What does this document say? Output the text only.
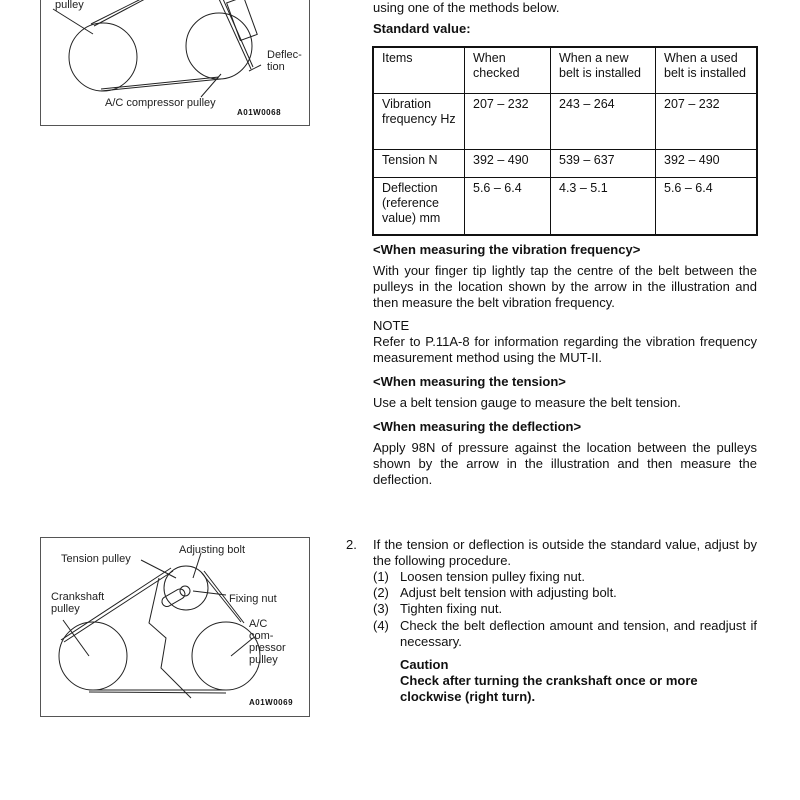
pulley
Deflec-
tion
A/C compressor pulley
A01W0068
using one of the methods below.
Standard value:
Items	When checked	When a new belt is installed	When a used belt is installed
Vibration frequency Hz	207 – 232	243 – 264	207 – 232
Tension N	392 – 490	539 – 637	392 – 490
Deflection (reference value) mm	5.6 – 6.4	4.3 – 5.1	5.6 – 6.4
<When measuring the vibration frequency>
With your finger tip lightly tap the centre of the belt between the pulleys in the location shown by the arrow in the illustration and then measure the belt vibration frequency.
NOTE
Refer to P.11A-8 for information regarding the vibration frequency measurement method using the MUT-II.
<When measuring the tension>
Use a belt tension gauge to measure the belt tension.
<When measuring the deflection>
Apply 98N of pressure against the location between the pulleys shown by the arrow in the illustration and then measure the deflection.
2. If the tension or deflection is outside the standard value, adjust by the following procedure.
(1) Loosen tension pulley fixing nut.
(2) Adjust belt tension with adjusting bolt.
(3) Tighten fixing nut.
(4) Check the belt deflection amount and tension, and readjust if necessary.
Caution
Check after turning the crankshaft once or more clockwise (right turn).
Tension pulley
Adjusting bolt
Crankshaft
pulley
Fixing nut
A/C
com-
pressor
pulley
A01W0069
